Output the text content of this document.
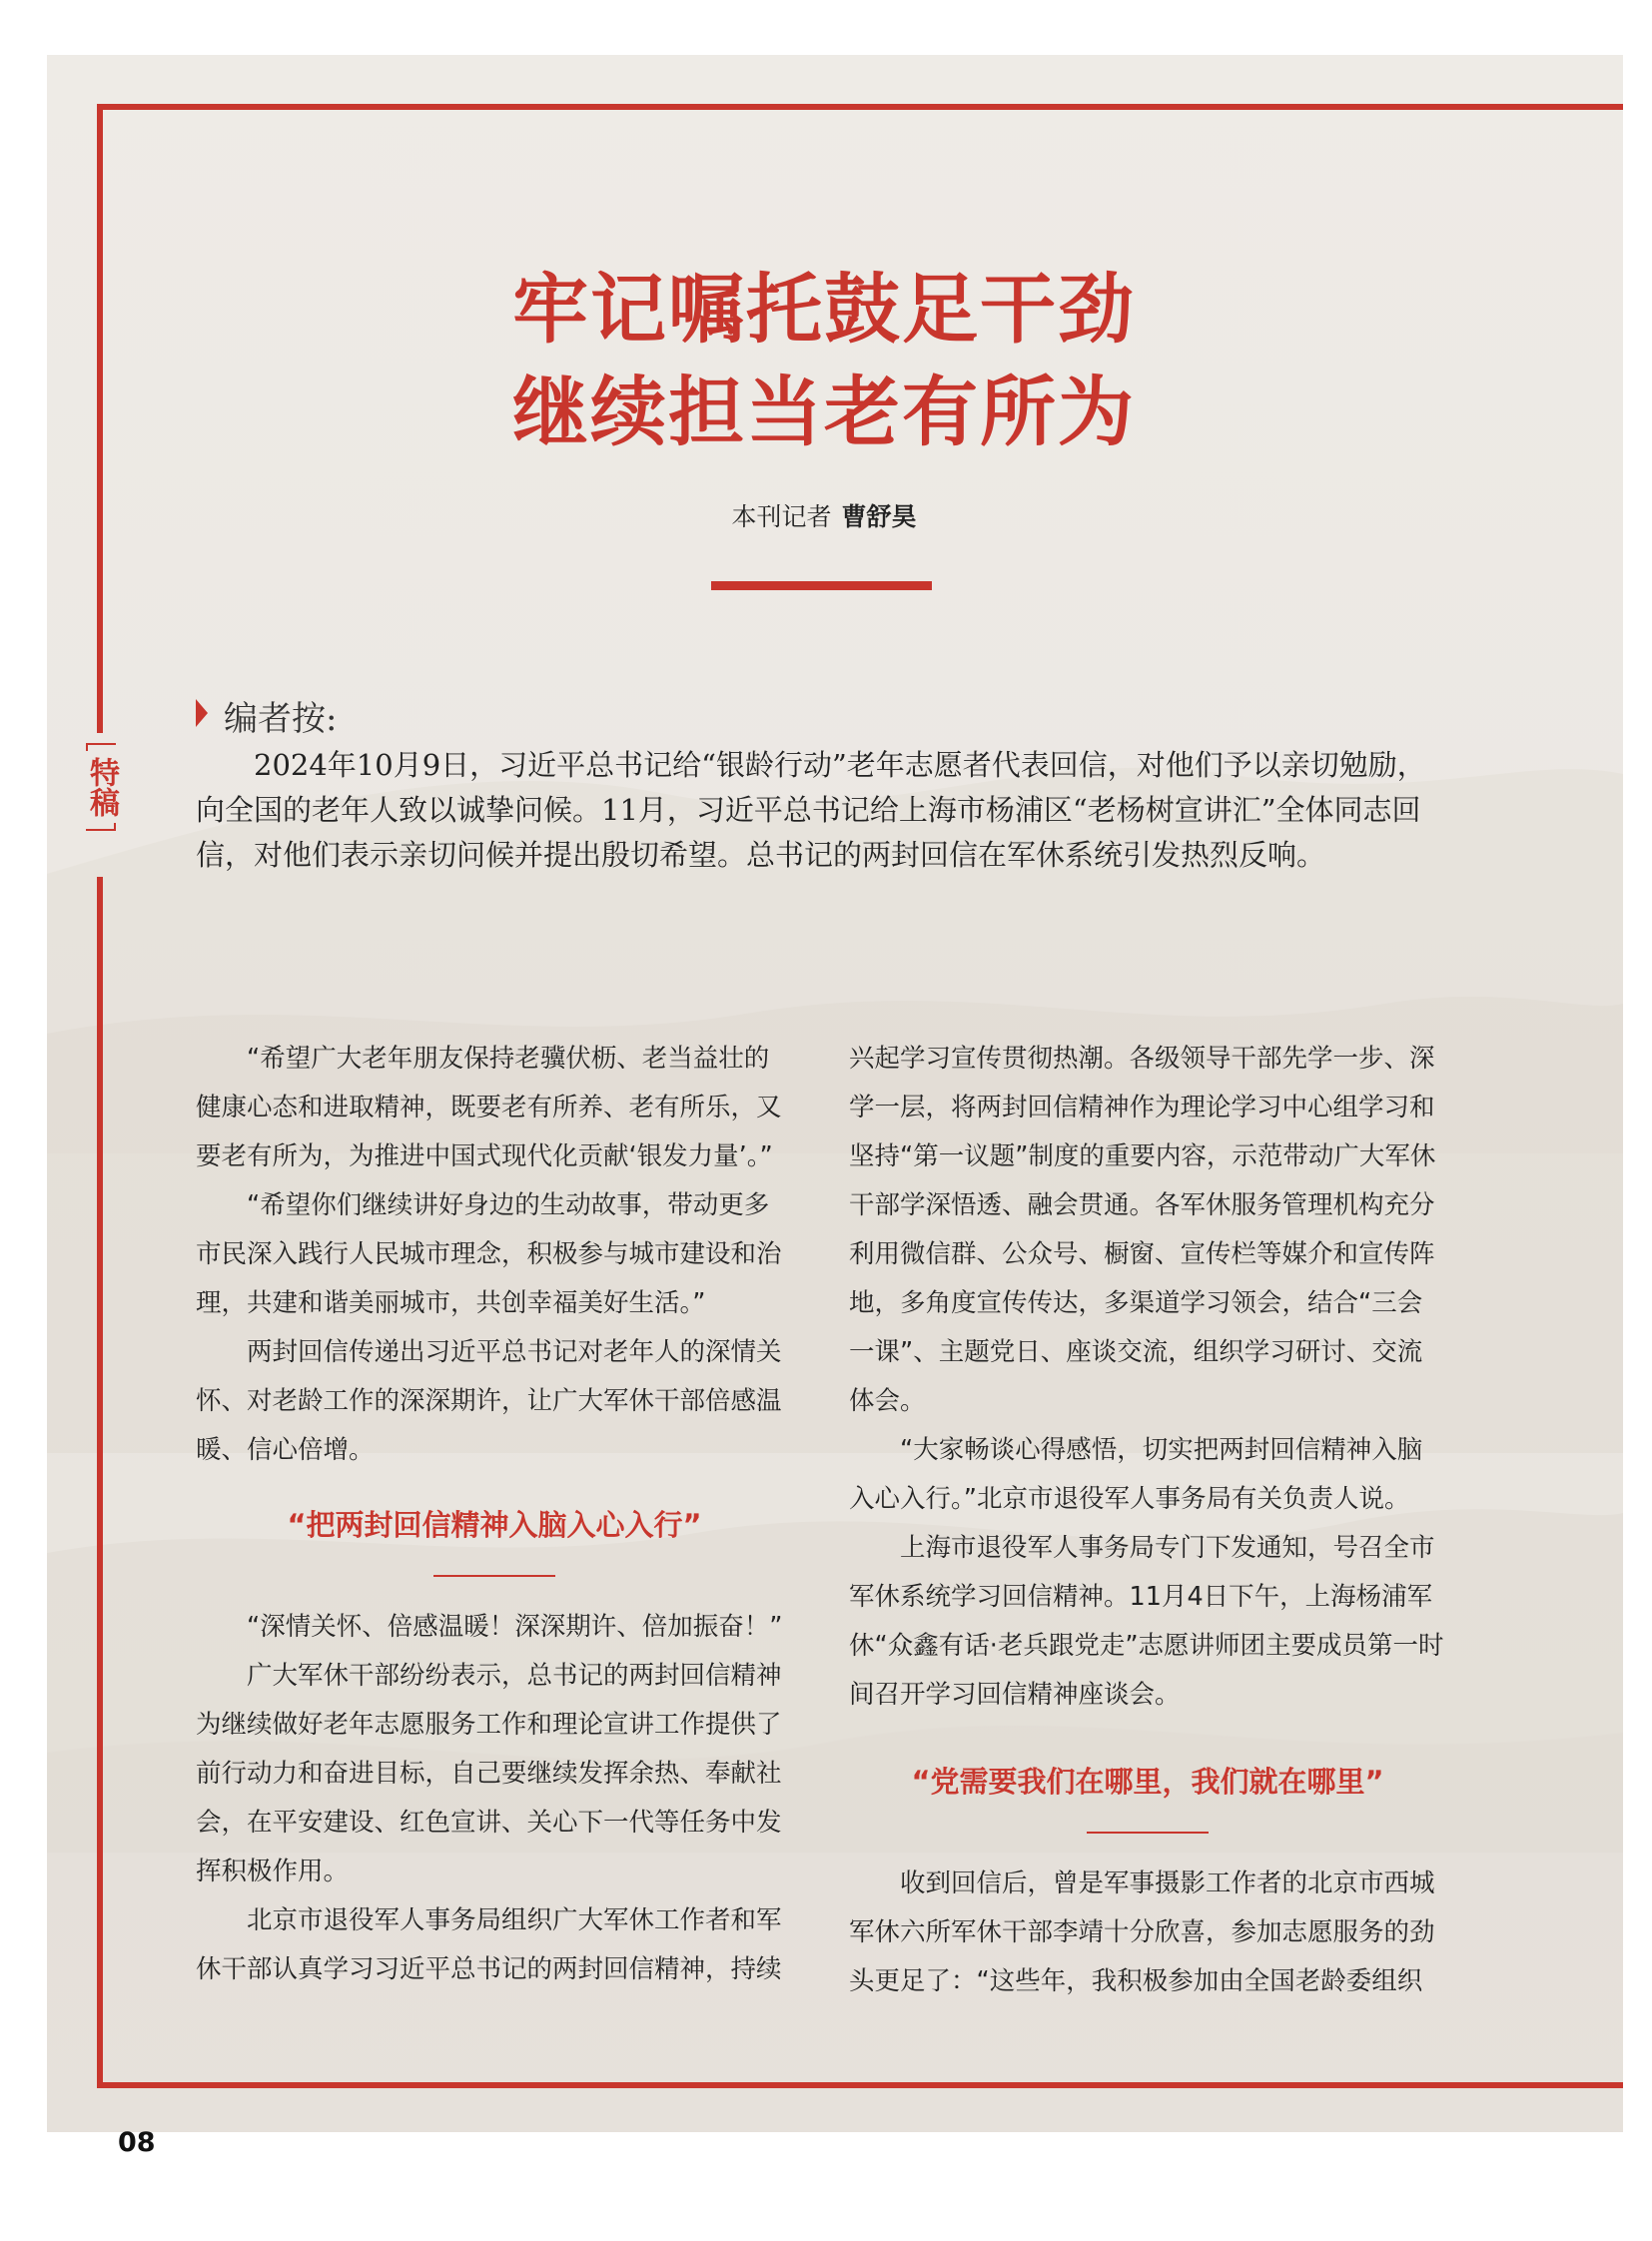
特稿
牢记嘱托鼓足干劲
继续担当老有所为
本刊记者 曹舒昊
编者按:
2024年10月9日，习近平总书记给“银龄行动”老年志愿者代表回信，对他们予以亲切勉励，向全国的老年人致以诚挚问候。11月，习近平总书记给上海市杨浦区“老杨树宣讲汇”全体同志回信，对他们表示亲切问候并提出殷切希望。总书记的两封回信在军休系统引发热烈反响。

“希望广大老年朋友保持老骥伏枥、老当益壮的健康心态和进取精神，既要老有所养、老有所乐，又要老有所为，为推进中国式现代化贡献‘银发力量’。”

“希望你们继续讲好身边的生动故事，带动更多市民深入践行人民城市理念，积极参与城市建设和治理，共建和谐美丽城市，共创幸福美好生活。”

两封回信传递出习近平总书记对老年人的深情关怀、对老龄工作的深深期许，让广大军休干部倍感温暖、信心倍增。

“把两封回信精神入脑入心入行”

“深情关怀、倍感温暖！深深期许、倍加振奋！”

广大军休干部纷纷表示，总书记的两封回信精神为继续做好老年志愿服务工作和理论宣讲工作提供了前行动力和奋进目标，自己要继续发挥余热、奉献社会，在平安建设、红色宣讲、关心下一代等任务中发挥积极作用。

北京市退役军人事务局组织广大军休工作者和军休干部认真学习习近平总书记的两封回信精神，持续

兴起学习宣传贯彻热潮。各级领导干部先学一步、深学一层，将两封回信精神作为理论学习中心组学习和坚持“第一议题”制度的重要内容，示范带动广大军休干部学深悟透、融会贯通。各军休服务管理机构充分利用微信群、公众号、橱窗、宣传栏等媒介和宣传阵地，多角度宣传传达，多渠道学习领会，结合“三会一课”、主题党日、座谈交流，组织学习研讨、交流体会。

“大家畅谈心得感悟，切实把两封回信精神入脑入心入行。”北京市退役军人事务局有关负责人说。

上海市退役军人事务局专门下发通知，号召全市军休系统学习回信精神。11月4日下午，上海杨浦军休“众鑫有话·老兵跟党走”志愿讲师团主要成员第一时间召开学习回信精神座谈会。

“党需要我们在哪里，我们就在哪里”

收到回信后，曾是军事摄影工作者的北京市西城军休六所军休干部李靖十分欣喜，参加志愿服务的劲头更足了：“这些年，我积极参加由全国老龄委组织

08
